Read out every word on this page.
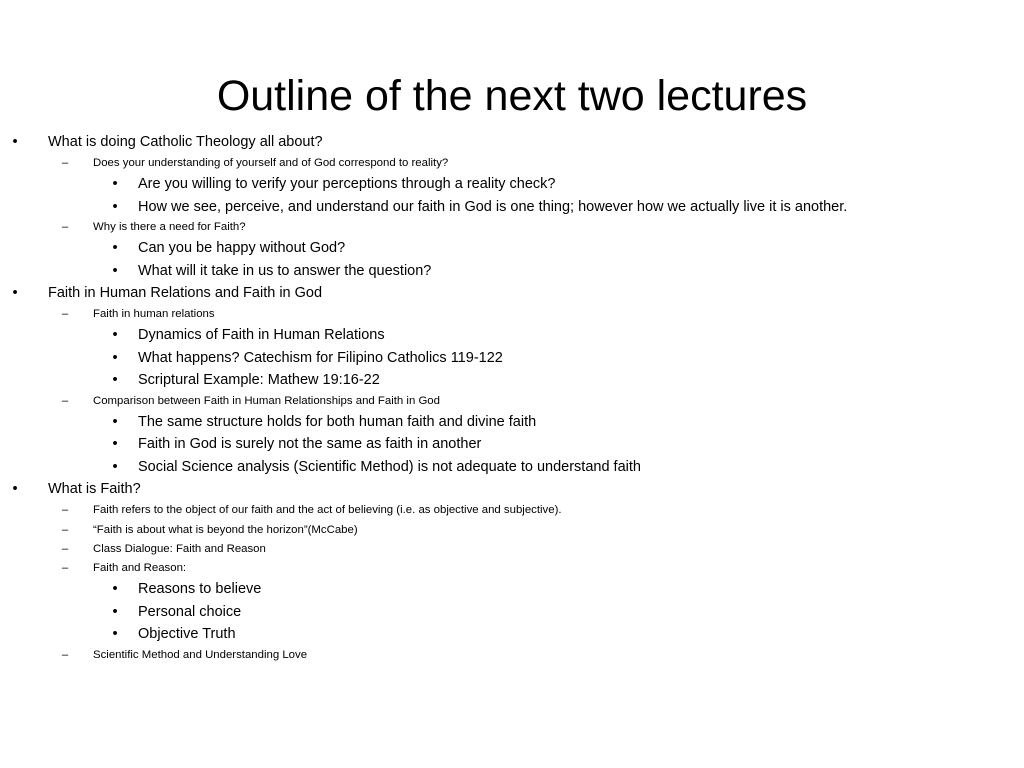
Outline of the next two lectures
•	What is doing Catholic Theology all about?
–	Does your understanding of yourself and of God correspond to reality?
•	Are you willing to verify your perceptions through a reality check?
•	How we see, perceive, and understand our faith in God is one thing; however how we actually live it is another.
–	Why is there a need for Faith?
•	Can you be happy without God?
•	What will it take in us to answer the question?
•	Faith in Human Relations and Faith in God
–	Faith in human relations
•	Dynamics of Faith in Human Relations
•	What happens? Catechism for Filipino Catholics 119-122
•	Scriptural Example: Mathew 19:16-22
–	Comparison between Faith in Human Relationships and Faith in God
•	The same structure holds for both human faith and divine faith
•	Faith in God is surely not the same as faith in another
•	Social Science analysis (Scientific Method) is not adequate to understand faith
•	What is Faith?
–	Faith refers to the object of our faith and the act of believing (i.e. as objective and subjective).
–	“Faith is about what is beyond the horizon”(McCabe)
–	Class Dialogue: Faith and Reason
–	Faith and Reason:
•	Reasons to believe
•	Personal choice
•	Objective Truth
–	Scientific Method and Understanding Love
